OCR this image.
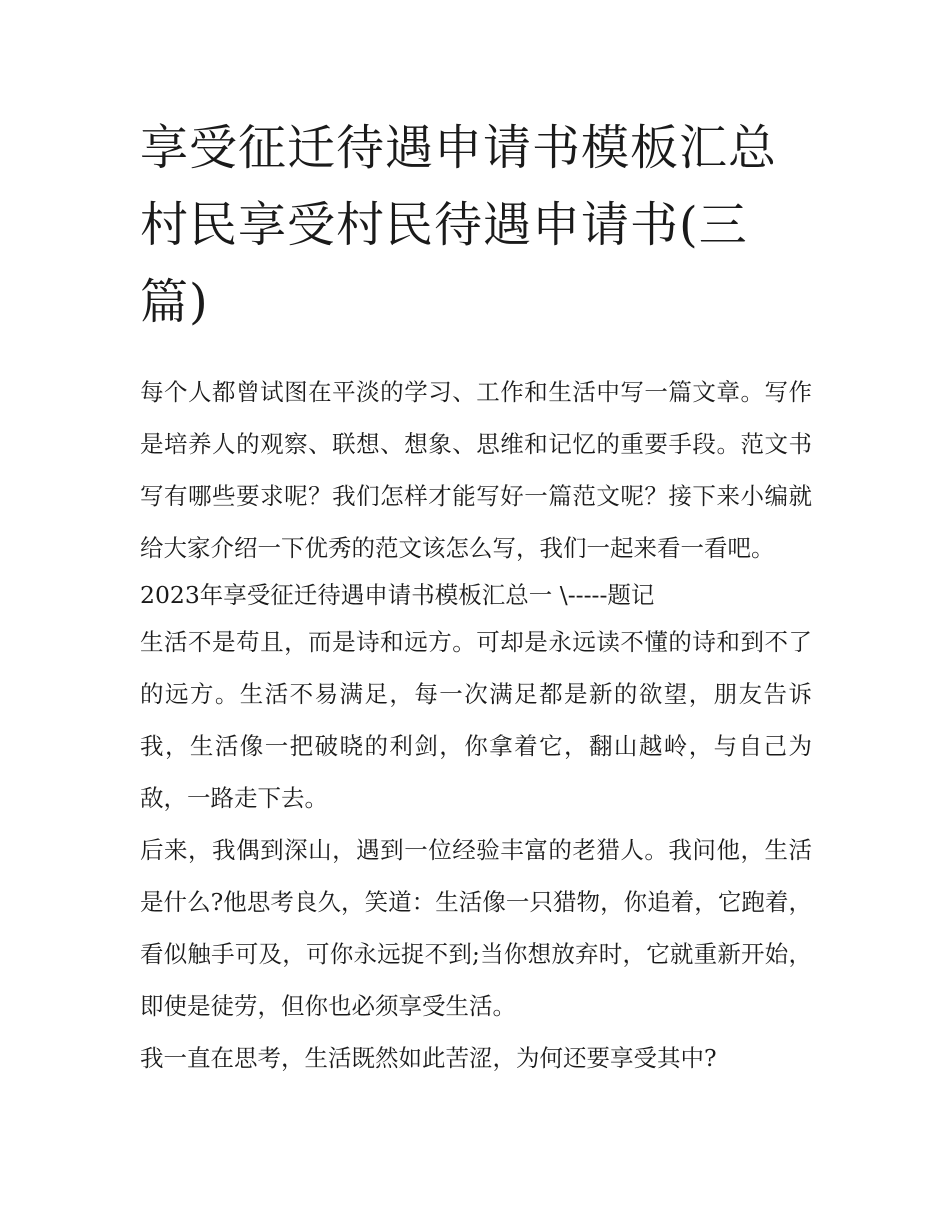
享受征迁待遇申请书模板汇总村民享受村民待遇申请书(三篇)

每个人都曾试图在平淡的学习、工作和生活中写一篇文章。写作是培养人的观察、联想、想象、思维和记忆的重要手段。范文书写有哪些要求呢？我们怎样才能写好一篇范文呢？接下来小编就给大家介绍一下优秀的范文该怎么写，我们一起来看一看吧。

2023年享受征迁待遇申请书模板汇总一 \-----题记

生活不是苟且，而是诗和远方。可却是永远读不懂的诗和到不了的远方。生活不易满足，每一次满足都是新的欲望，朋友告诉我，生活像一把破晓的利剑，你拿着它，翻山越岭，与自己为敌，一路走下去。

后来，我偶到深山，遇到一位经验丰富的老猎人。我问他，生活是什么?他思考良久，笑道：生活像一只猎物，你追着，它跑着，看似触手可及，可你永远捉不到;当你想放弃时，它就重新开始，即使是徒劳，但你也必须享受生活。

我一直在思考，生活既然如此苦涩，为何还要享受其中?
